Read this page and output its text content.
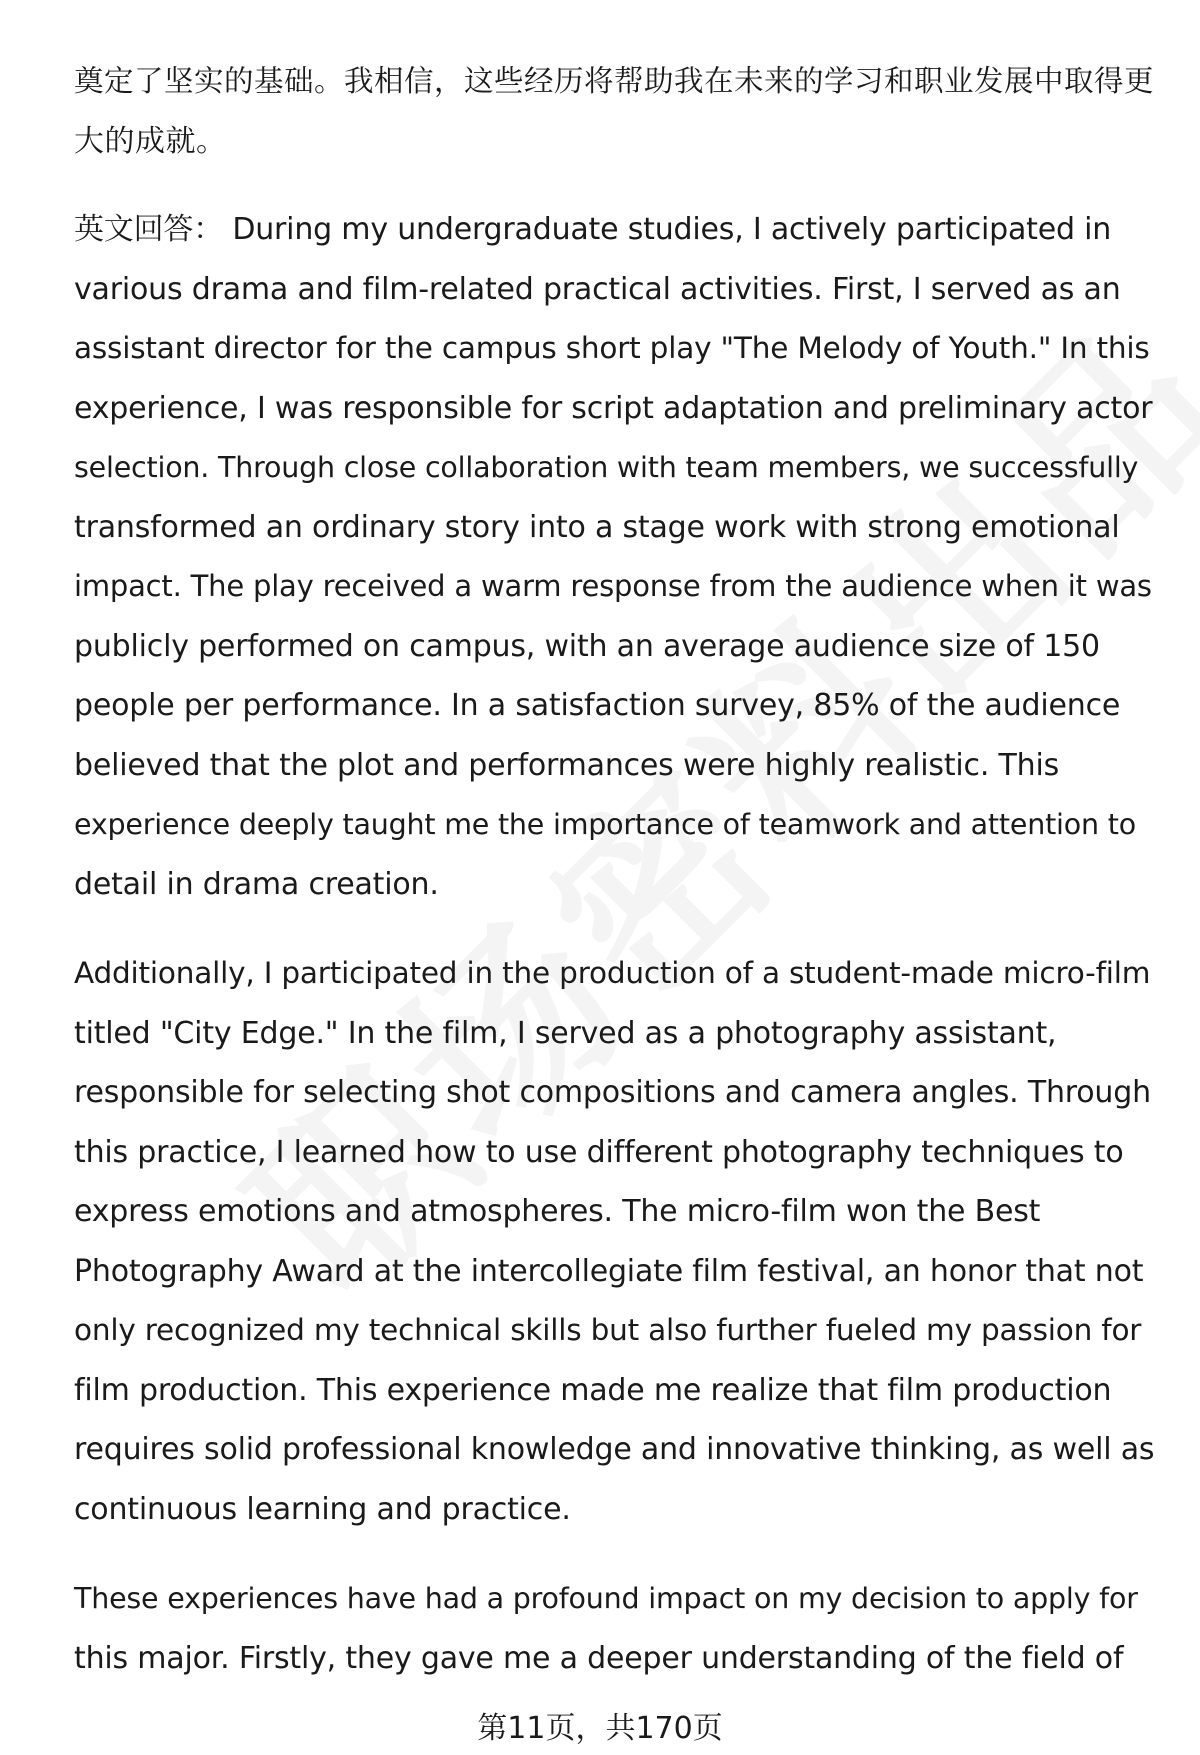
奠定了坚实的基础。我相信，这些经历将帮助我在未来的学习和职业发展中取得更
大的成就。
英文回答： During my undergraduate studies, I actively participated in
various drama and film-related practical activities. First, I served as an
assistant director for the campus short play "The Melody of Youth." In this
experience, I was responsible for script adaptation and preliminary actor
selection. Through close collaboration with team members, we successfully
transformed an ordinary story into a stage work with strong emotional
impact. The play received a warm response from the audience when it was
publicly performed on campus, with an average audience size of 150
people per performance. In a satisfaction survey, 85% of the audience
believed that the plot and performances were highly realistic. This
experience deeply taught me the importance of teamwork and attention to
detail in drama creation.
Additionally, I participated in the production of a student-made micro-film
titled "City Edge." In the film, I served as a photography assistant,
responsible for selecting shot compositions and camera angles. Through
this practice, I learned how to use different photography techniques to
express emotions and atmospheres. The micro-film won the Best
Photography Award at the intercollegiate film festival, an honor that not
only recognized my technical skills but also further fueled my passion for
film production. This experience made me realize that film production
requires solid professional knowledge and innovative thinking, as well as
continuous learning and practice.
These experiences have had a profound impact on my decision to apply for
this major. Firstly, they gave me a deeper understanding of the field of
第11页，共170页
